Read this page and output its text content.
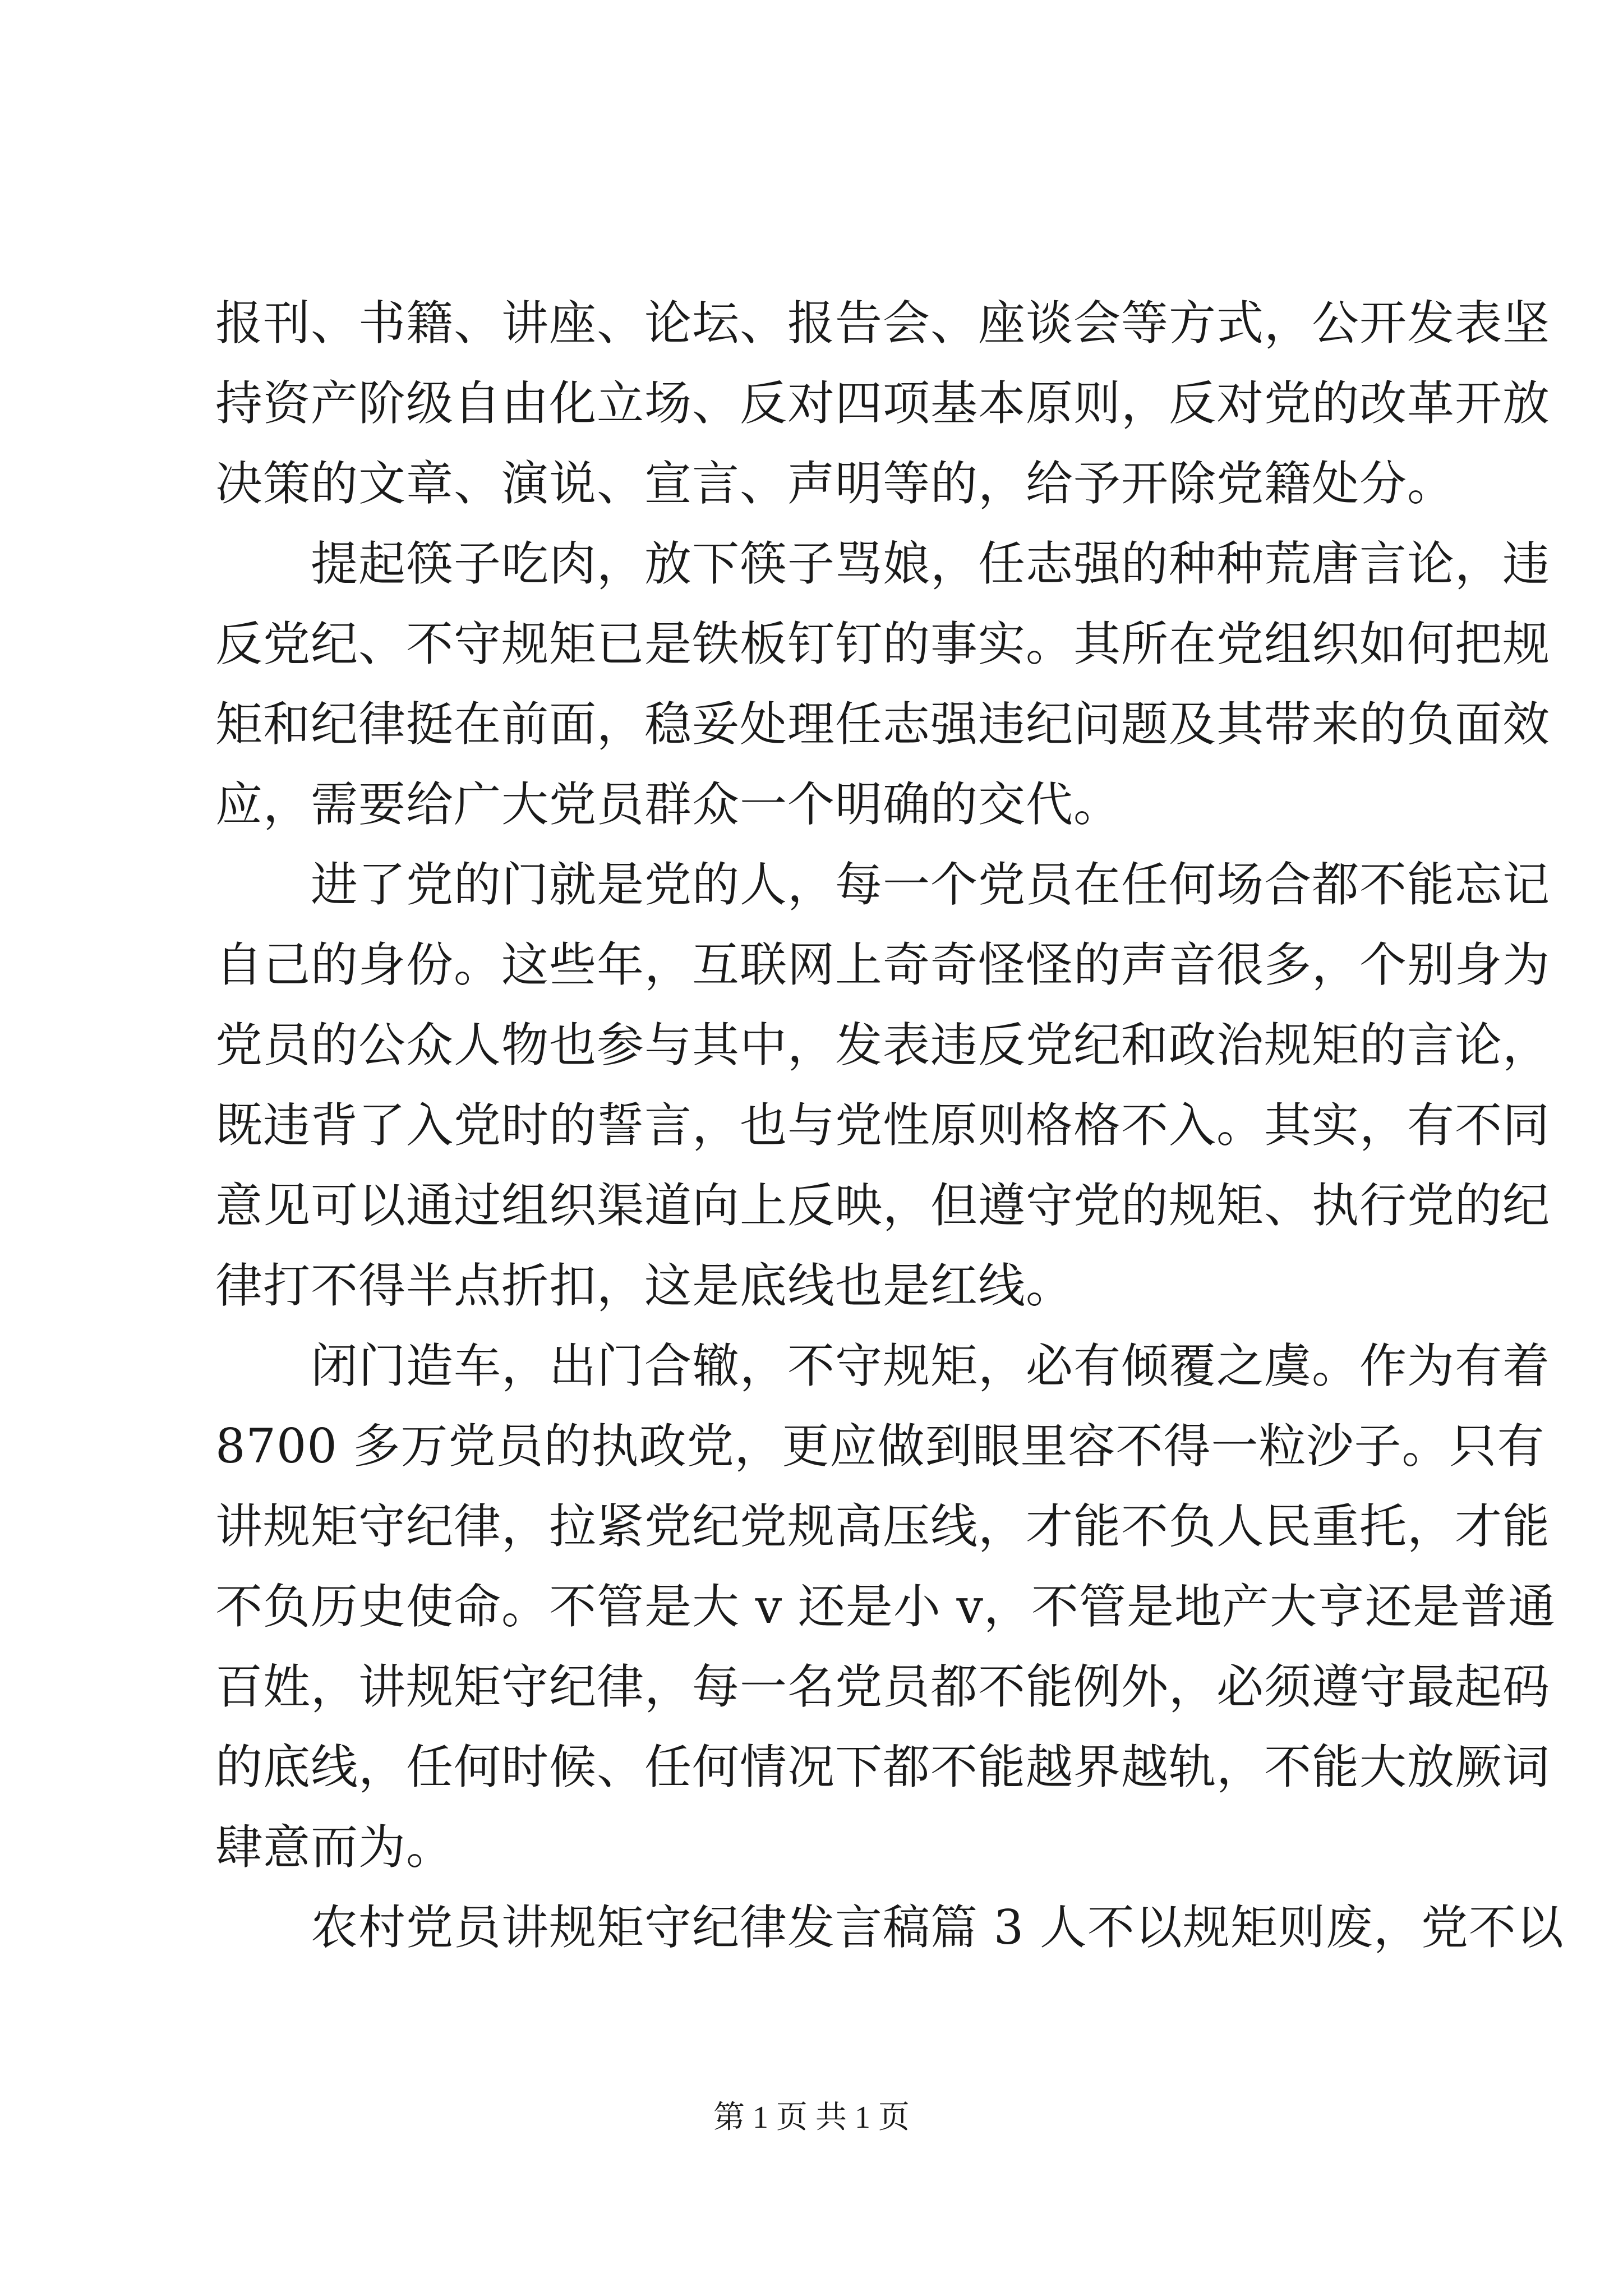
报刊、书籍、讲座、论坛、报告会、座谈会等方式，公开发表坚
持资产阶级自由化立场、反对四项基本原则，反对党的改革开放
决策的文章、演说、宣言、声明等的，给予开除党籍处分。
提起筷子吃肉，放下筷子骂娘，任志强的种种荒唐言论，违
反党纪、不守规矩已是铁板钉钉的事实。其所在党组织如何把规
矩和纪律挺在前面，稳妥处理任志强违纪问题及其带来的负面效
应，需要给广大党员群众一个明确的交代。
进了党的门就是党的人，每一个党员在任何场合都不能忘记
自己的身份。这些年，互联网上奇奇怪怪的声音很多，个别身为
党员的公众人物也参与其中，发表违反党纪和政治规矩的言论，
既违背了入党时的誓言，也与党性原则格格不入。其实，有不同
意见可以通过组织渠道向上反映，但遵守党的规矩、执行党的纪
律打不得半点折扣，这是底线也是红线。
闭门造车，出门合辙，不守规矩，必有倾覆之虞。作为有着
8700 多万党员的执政党，更应做到眼里容不得一粒沙子。只有
讲规矩守纪律，拉紧党纪党规高压线，才能不负人民重托，才能
不负历史使命。不管是大 v 还是小 v，不管是地产大亨还是普通
百姓，讲规矩守纪律，每一名党员都不能例外，必须遵守最起码
的底线，任何时候、任何情况下都不能越界越轨，不能大放厥词
肆意而为。
农村党员讲规矩守纪律发言稿篇 3 人不以规矩则废，党不以
第 1 页 共 1 页
